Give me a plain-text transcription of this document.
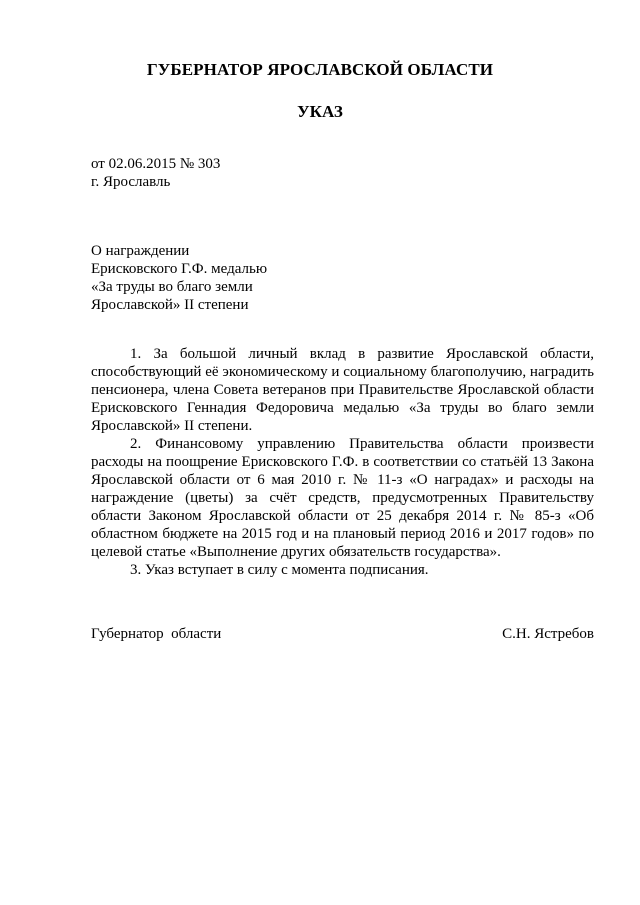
ГУБЕРНАТОР ЯРОСЛАВСКОЙ ОБЛАСТИ
УКАЗ
от 02.06.2015 № 303
г. Ярославль
О награждении
Ерисковского Г.Ф. медалью
«За труды во благо земли
Ярославской» II степени

1. За большой личный вклад в развитие Ярославской области, способствующий её экономическому и социальному благополучию, наградить пенсионера, члена Совета ветеранов при Правительстве Ярославской области Ерисковского Геннадия Федоровича медалью «За труды во благо земли Ярославской» II степени.

2. Финансовому управлению Правительства области произвести расходы на поощрение Ерисковского Г.Ф. в соответствии со статьёй 13 Закона Ярославской области от 6 мая 2010 г. № 11-з «О наградах» и расходы на награждение (цветы) за счёт средств, предусмотренных Правительству области Законом Ярославской области от 25 декабря 2014 г. № 85-з «Об областном бюджете на 2015 год и на плановый период 2016 и 2017 годов» по целевой статье «Выполнение других обязательств государства».

3. Указ вступает в силу с момента подписания.

Губернатор  области	С.Н. Ястребов
